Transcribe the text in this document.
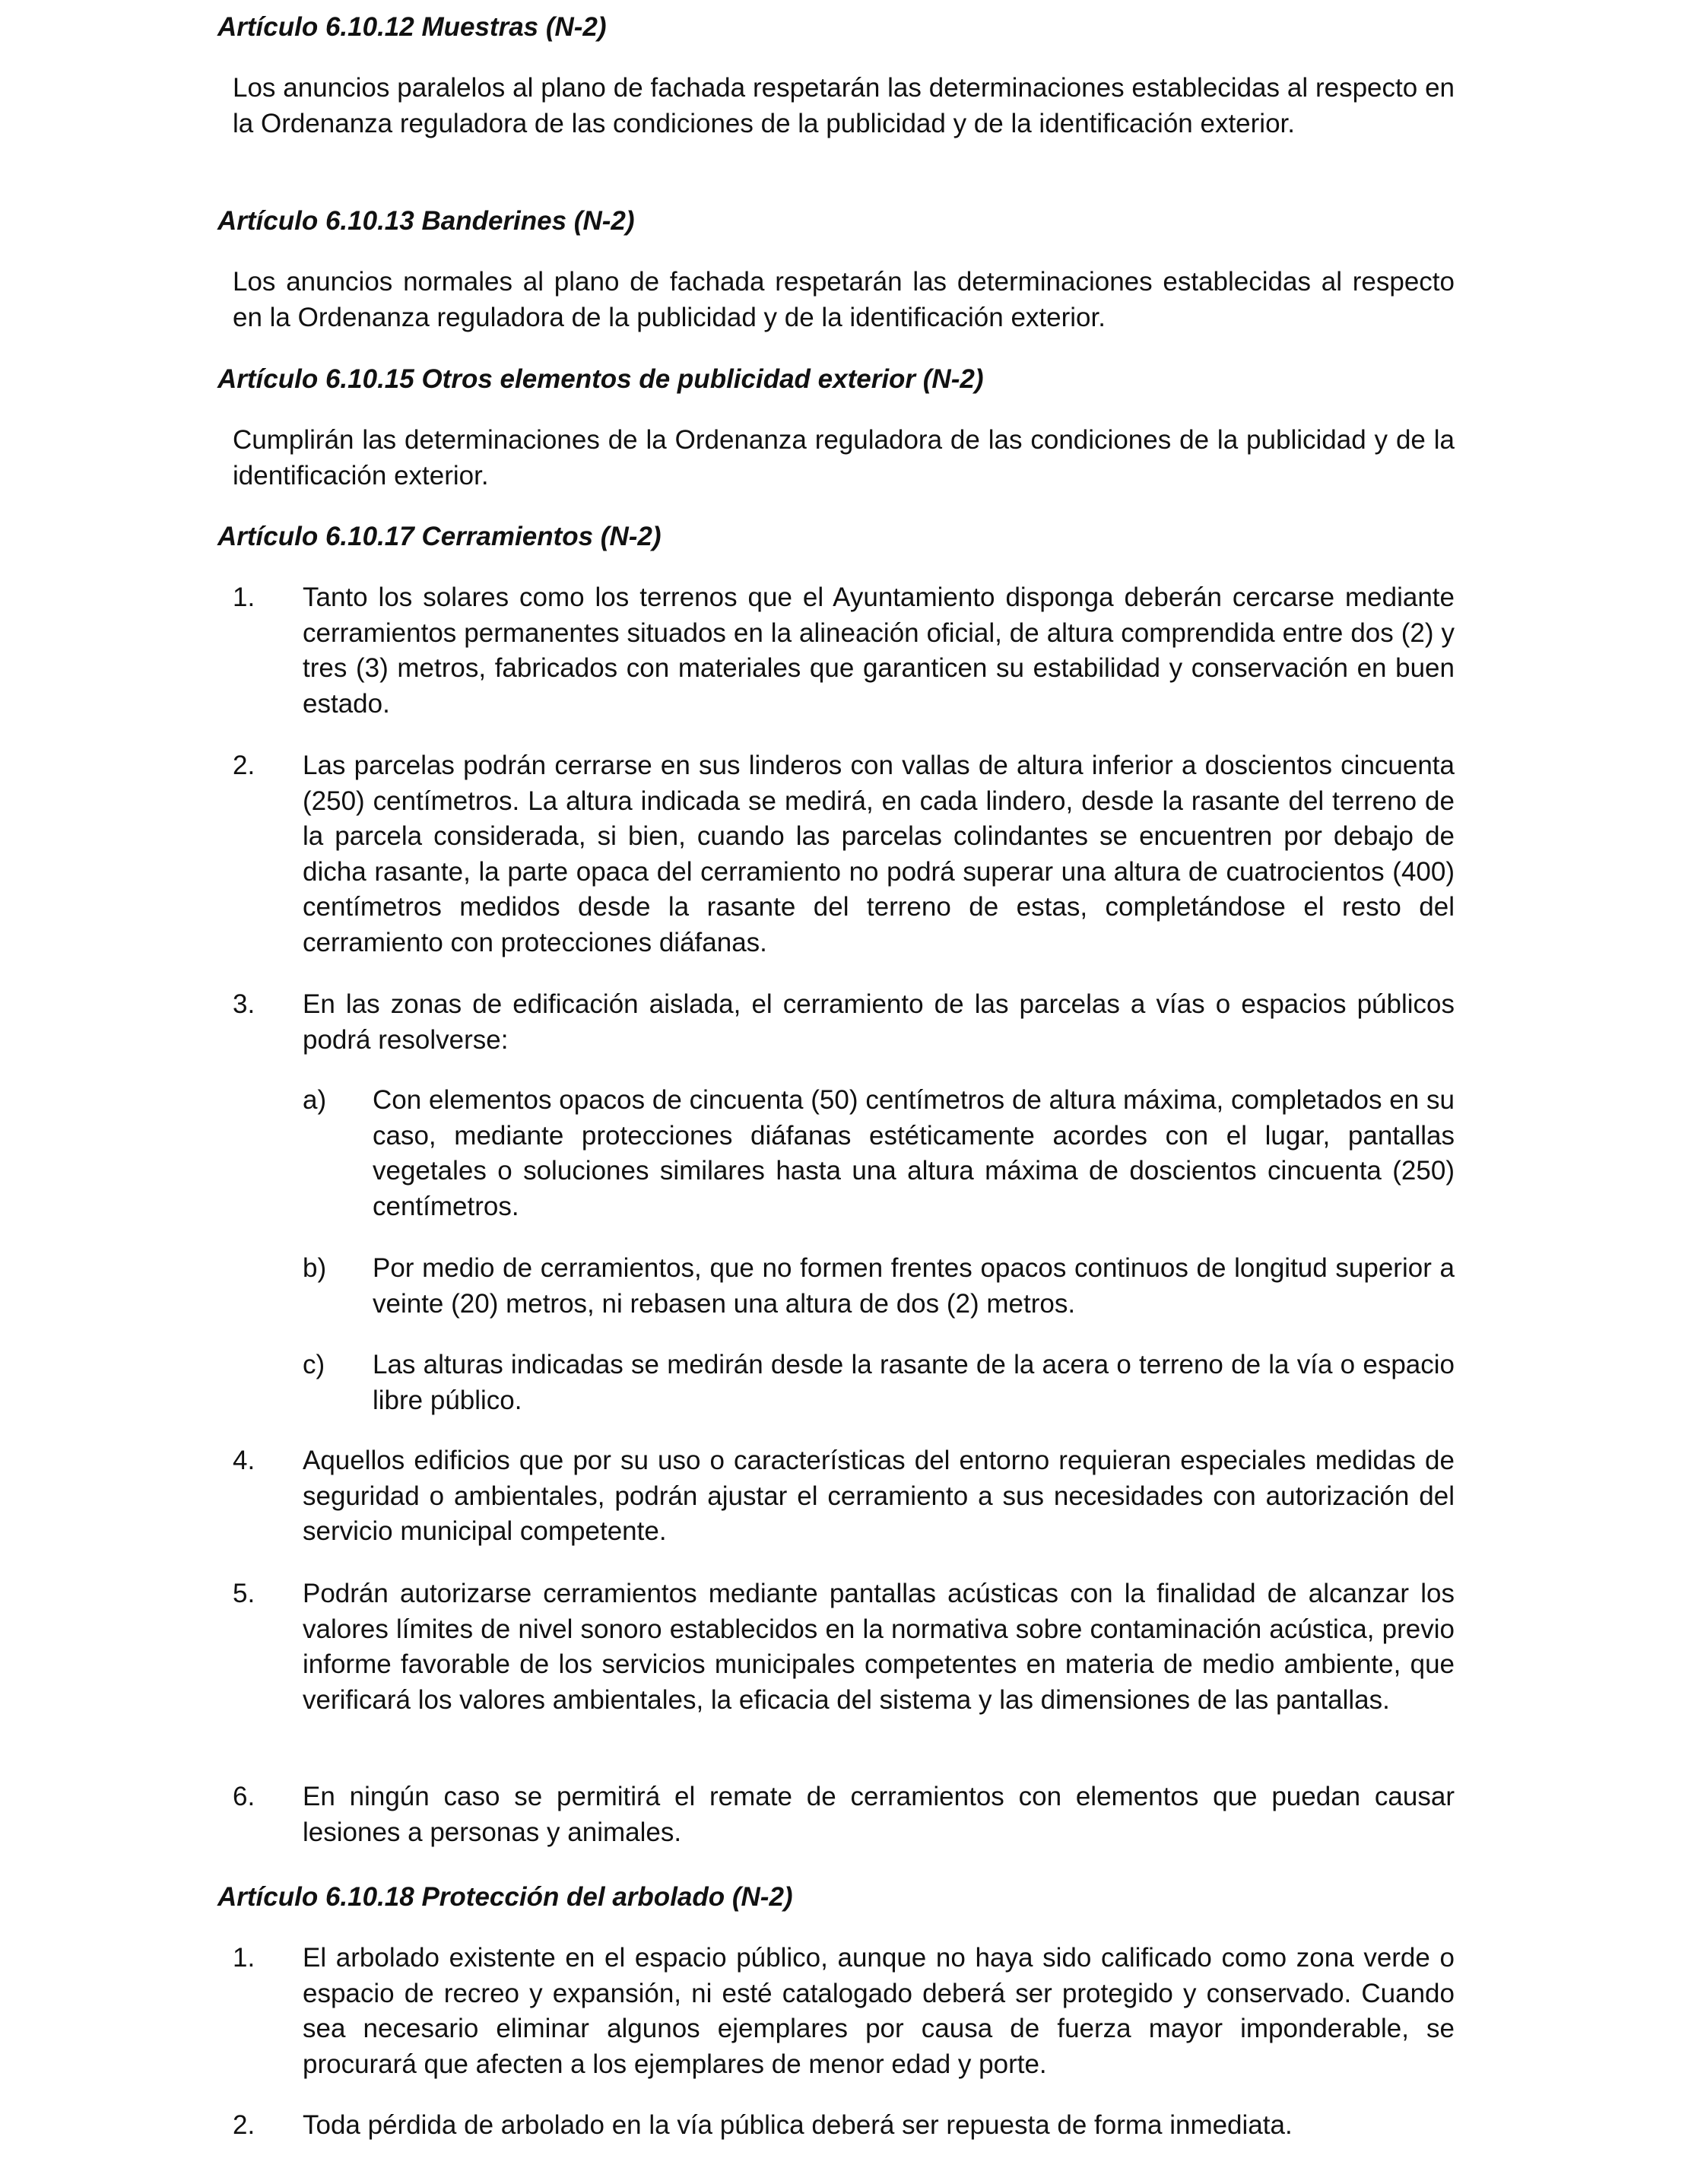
Artículo 6.10.12 Muestras (N-2)

Los anuncios paralelos al plano de fachada respetarán las determinaciones establecidas al respecto en la Ordenanza reguladora de las condiciones de la publicidad y de la identificación exterior.

Artículo 6.10.13 Banderines (N-2)

Los anuncios normales al plano de fachada respetarán las determinaciones establecidas al respecto en la Ordenanza reguladora de la publicidad y de la identificación exterior.

Artículo 6.10.15 Otros elementos de publicidad exterior (N-2)

Cumplirán las determinaciones de la Ordenanza reguladora de las condiciones de la publicidad y de la identificación exterior.

Artículo 6.10.17 Cerramientos (N-2)
1. Tanto los solares como los terrenos que el Ayuntamiento disponga deberán cercarse mediante cerramientos permanentes situados en la alineación oficial, de altura comprendida entre dos (2) y tres (3) metros, fabricados con materiales que garanticen su estabilidad y conservación en buen estado.

2. Las parcelas podrán cerrarse en sus linderos con vallas de altura inferior a doscientos cincuenta (250) centímetros. La altura indicada se medirá, en cada lindero, desde la rasante del terreno de la parcela considerada, si bien, cuando las parcelas colindantes se encuentren por debajo de dicha rasante, la parte opaca del cerramiento no podrá superar una altura de cuatrocientos (400) centímetros medidos desde la rasante del terreno de estas, completándose el resto del cerramiento con protecciones diáfanas.

3. En las zonas de edificación aislada, el cerramiento de las parcelas a vías o espacios públicos podrá resolverse:

a) Con elementos opacos de cincuenta (50) centímetros de altura máxima, completados en su caso, mediante protecciones diáfanas estéticamente acordes con el lugar, pantallas vegetales o soluciones similares hasta una altura máxima de doscientos cincuenta (250) centímetros.

b) Por medio de cerramientos, que no formen frentes opacos continuos de longitud superior a veinte (20) metros, ni rebasen una altura de dos (2) metros.

c) Las alturas indicadas se medirán desde la rasante de la acera o terreno de la vía o espacio libre público.

4. Aquellos edificios que por su uso o características del entorno requieran especiales medidas de seguridad o ambientales, podrán ajustar el cerramiento a sus necesidades con autorización del servicio municipal competente.

5. Podrán autorizarse cerramientos mediante pantallas acústicas con la finalidad de alcanzar los valores límites de nivel sonoro establecidos en la normativa sobre contaminación acústica, previo informe favorable de los servicios municipales competentes en materia de medio ambiente, que verificará los valores ambientales, la eficacia del sistema y las dimensiones de las pantallas.

6. En ningún caso se permitirá el remate de cerramientos con elementos que puedan causar lesiones a personas y animales.

Artículo 6.10.18 Protección del arbolado (N-2)
1. El arbolado existente en el espacio público, aunque no haya sido calificado como zona verde o espacio de recreo y expansión, ni esté catalogado deberá ser protegido y conservado. Cuando sea necesario eliminar algunos ejemplares por causa de fuerza mayor imponderable, se procurará que afecten a los ejemplares de menor edad y porte.

2. Toda pérdida de arbolado en la vía pública deberá ser repuesta de forma inmediata.
